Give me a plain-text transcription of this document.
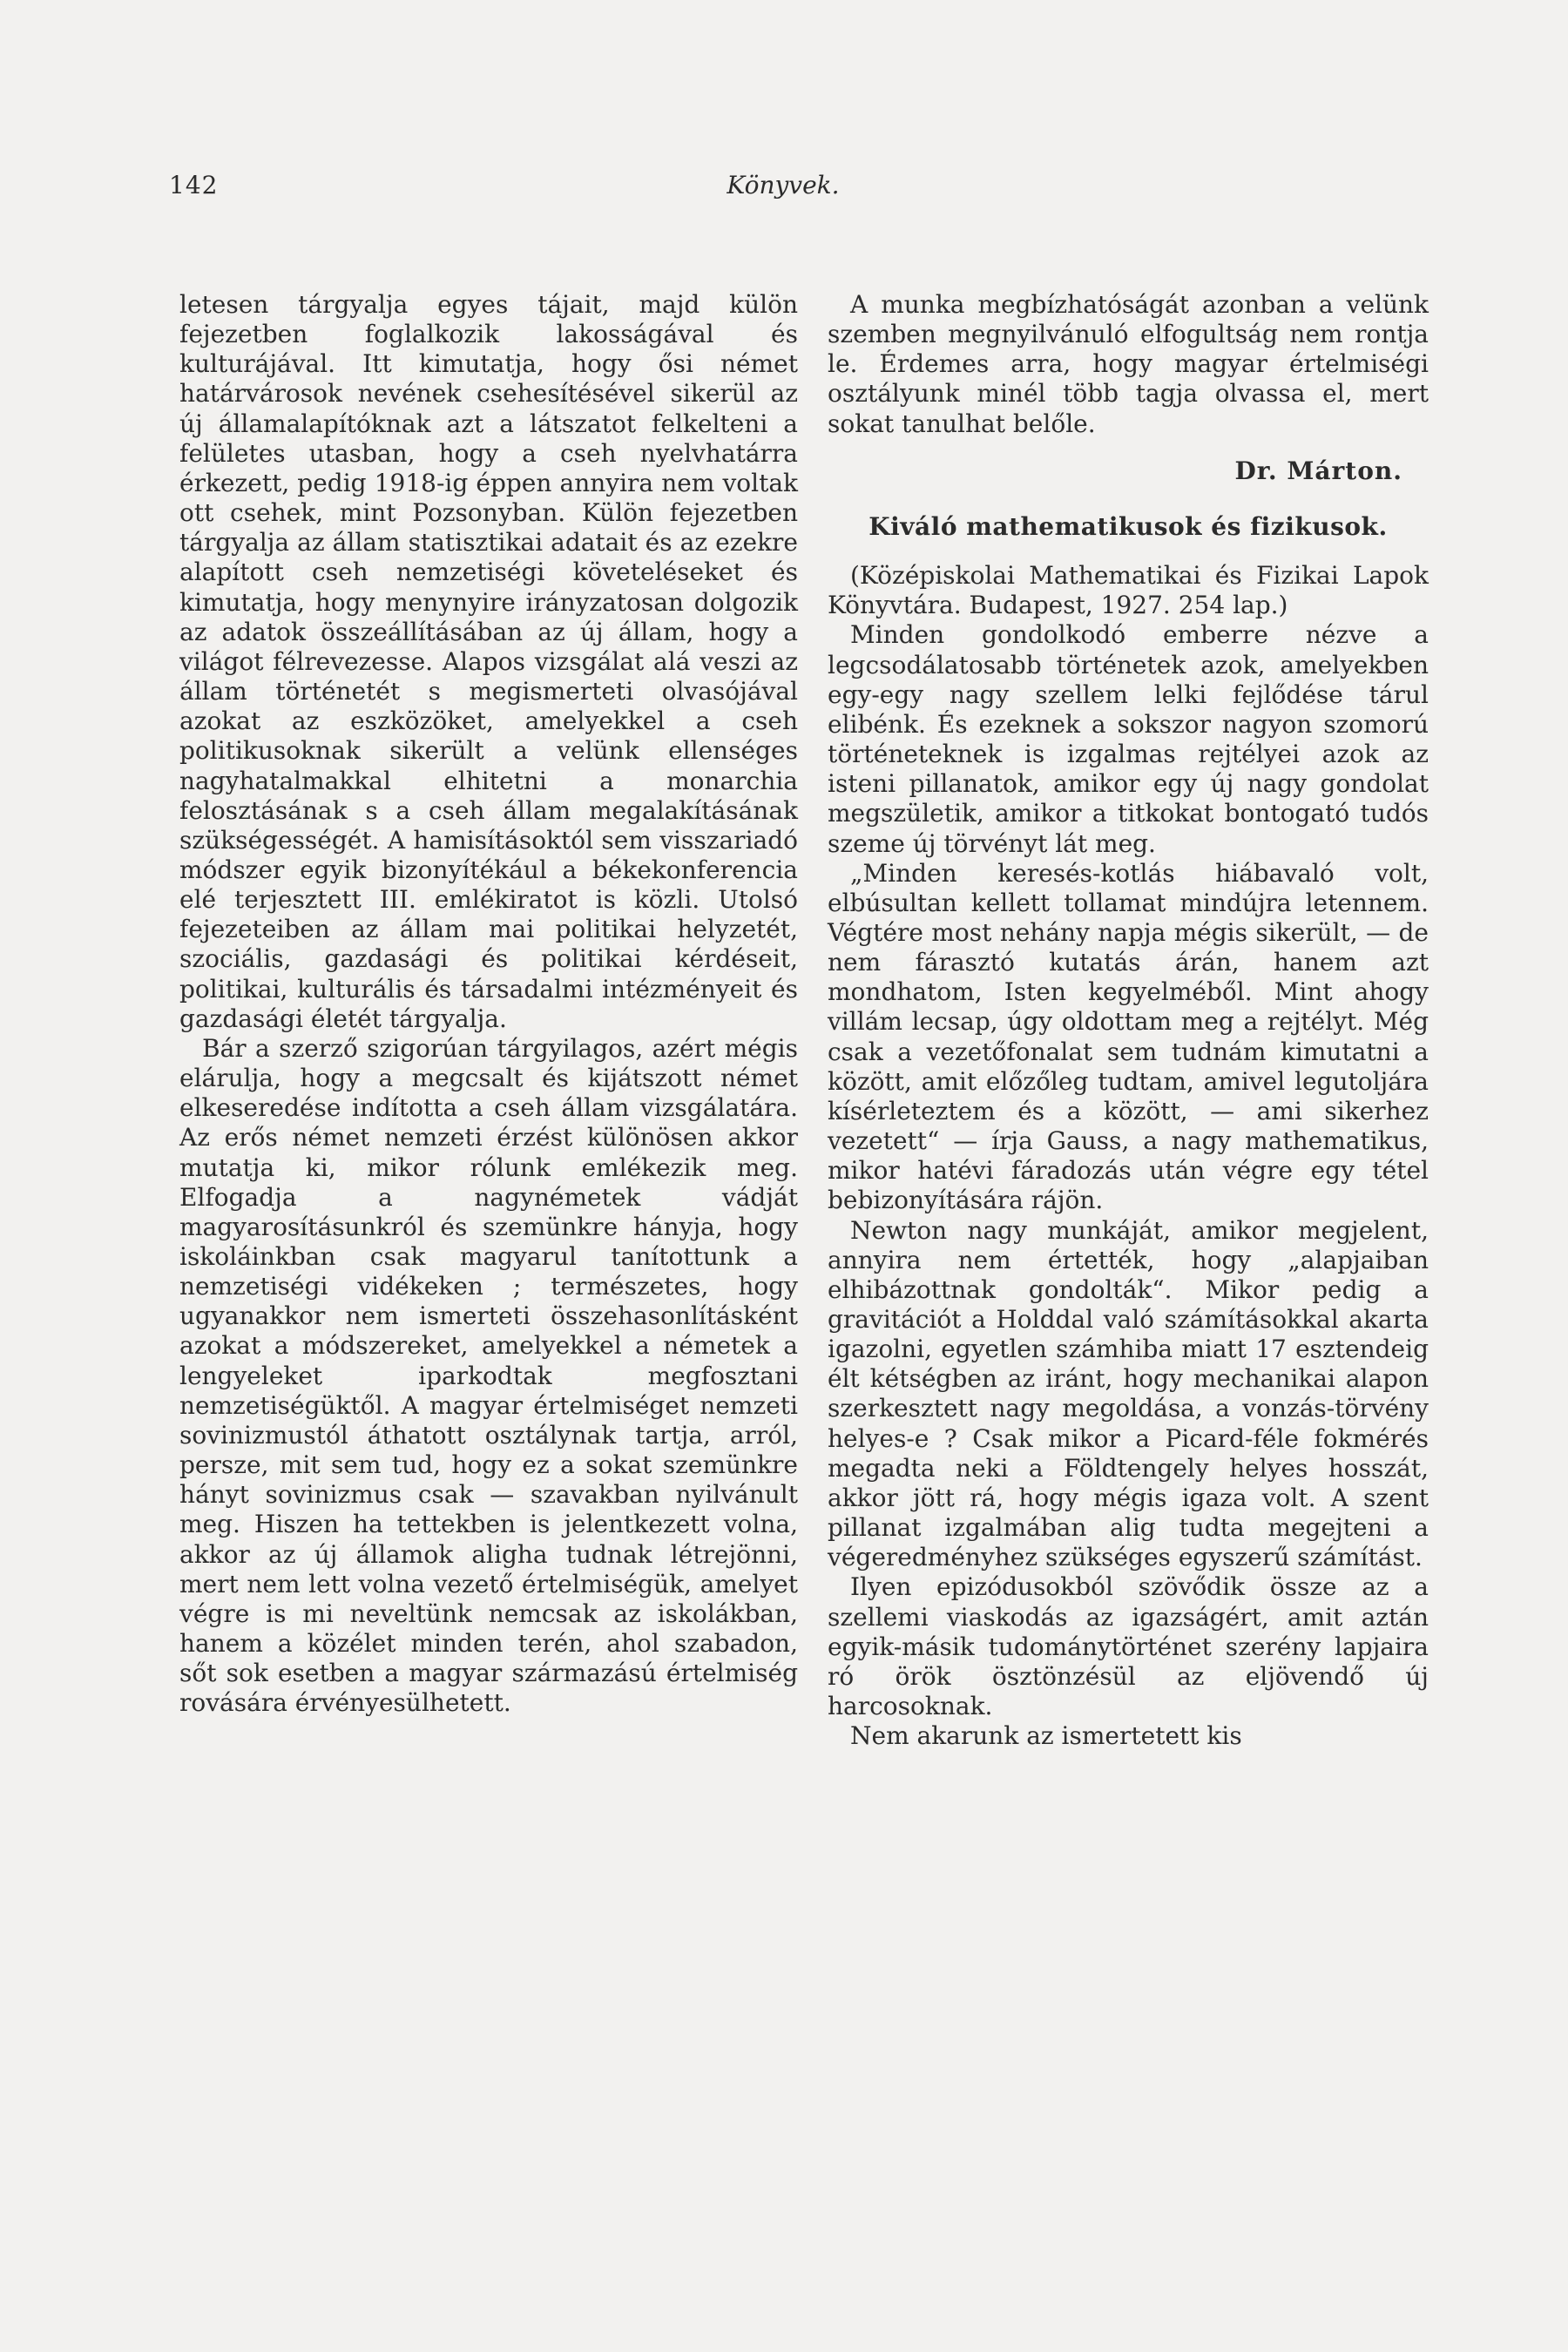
142	Könyvek.

letesen tárgyalja egyes tájait, majd külön fejezetben foglalkozik lakosságával és kulturájával. Itt kimutatja, hogy ősi német határvárosok nevének csehesítésével sikerül az új államalapítóknak azt a látszatot felkelteni a felületes utasban, hogy a cseh nyelvhatárra érkezett, pedig 1918-ig éppen annyira nem voltak ott csehek, mint Pozsonyban. Külön fejezetben tárgyalja az állam statisztikai adatait és az ezekre alapított cseh nemzetiségi követeléseket és kimutatja, hogy menynyire irányzatosan dolgozik az adatok összeállításában az új állam, hogy a világot félrevezesse. Alapos vizsgálat alá veszi az állam történetét s megismerteti olvasójával azokat az eszközöket, amelyekkel a cseh politikusoknak sikerült a velünk ellenséges nagyhatalmakkal elhitetni a monarchia felosztásának s a cseh állam megalakításának szükségességét. A hamisításoktól sem visszariadó módszer egyik bizonyítékául a békekonferencia elé terjesztett III. emlékiratot is közli. Utolsó fejezeteiben az állam mai politikai helyzetét, szociális, gazdasági és politikai kérdéseit, politikai, kulturális és társadalmi intézményeit és gazdasági életét tárgyalja.

Bár a szerző szigorúan tárgyilagos, azért mégis elárulja, hogy a megcsalt és kijátszott német elkeseredése indította a cseh állam vizsgálatára. Az erős német nemzeti érzést különösen akkor mutatja ki, mikor rólunk emlékezik meg. Elfogadja a nagynémetek vádját magyarosításunkról és szemünkre hányja, hogy iskoláinkban csak magyarul tanítottunk a nemzetiségi vidékeken ; természetes, hogy ugyanakkor nem ismerteti összehasonlításként azokat a módszereket, amelyekkel a németek a lengyeleket iparkodtak megfosztani nemzetiségüktől. A magyar értelmiséget nemzeti sovinizmustól áthatott osztálynak tartja, arról, persze, mit sem tud, hogy ez a sokat szemünkre hányt sovinizmus csak — szavakban nyilvánult meg. Hiszen ha tettekben is jelentkezett volna, akkor az új államok aligha tudnak létrejönni, mert nem lett volna vezető értelmiségük, amelyet végre is mi neveltünk nemcsak az iskolákban, hanem a közélet minden terén, ahol szabadon, sőt sok esetben a magyar származású értelmiség rovására érvényesülhetett.

A munka megbízhatóságát azonban a velünk szemben megnyilvánuló elfogultság nem rontja le. Érdemes arra, hogy magyar értelmiségi osztályunk minél több tagja olvassa el, mert sokat tanulhat belőle.

Dr. Márton.
Kiváló mathematikusok és fizikusok.

(Középiskolai Mathematikai és Fizikai Lapok Könyvtára. Budapest, 1927. 254 lap.)

Minden gondolkodó emberre nézve a legcsodálatosabb történetek azok, amelyekben egy-egy nagy szellem lelki fejlődése tárul elibénk. És ezeknek a sokszor nagyon szomorú történeteknek is izgalmas rejtélyei azok az isteni pillanatok, amikor egy új nagy gondolat megszületik, amikor a titkokat bontogató tudós szeme új törvényt lát meg.

„Minden keresés-kotlás hiábavaló volt, elbúsultan kellett tollamat mindújra letennem. Végtére most nehány napja mégis sikerült, — de nem fárasztó kutatás árán, hanem azt mondhatom, Isten kegyelméből. Mint ahogy villám lecsap, úgy oldottam meg a rejtélyt. Még csak a vezetőfonalat sem tudnám kimutatni a között, amit előzőleg tudtam, amivel legutoljára kísérleteztem és a között, — ami sikerhez vezetett“ — írja Gauss, a nagy mathematikus, mikor hatévi fáradozás után végre egy tétel bebizonyítására rájön.

Newton nagy munkáját, amikor megjelent, annyira nem értették, hogy „alapjaiban elhibázottnak gondolták“. Mikor pedig a gravitációt a Holddal való számításokkal akarta igazolni, egyetlen számhiba miatt 17 esztendeig élt kétségben az iránt, hogy mechanikai alapon szerkesztett nagy megoldása, a vonzás-törvény helyes-e ? Csak mikor a Picard-féle fokmérés megadta neki a Földtengely helyes hosszát, akkor jött rá, hogy mégis igaza volt. A szent pillanat izgalmában alig tudta megejteni a végeredményhez szükséges egyszerű számítást.

Ilyen epizódusokból szövődik össze az a szellemi viaskodás az igazságért, amit aztán egyik-másik tudománytörténet szerény lapjaira ró örök ösztönzésül az eljövendő új harcosoknak.

Nem akarunk az ismertetett kis
